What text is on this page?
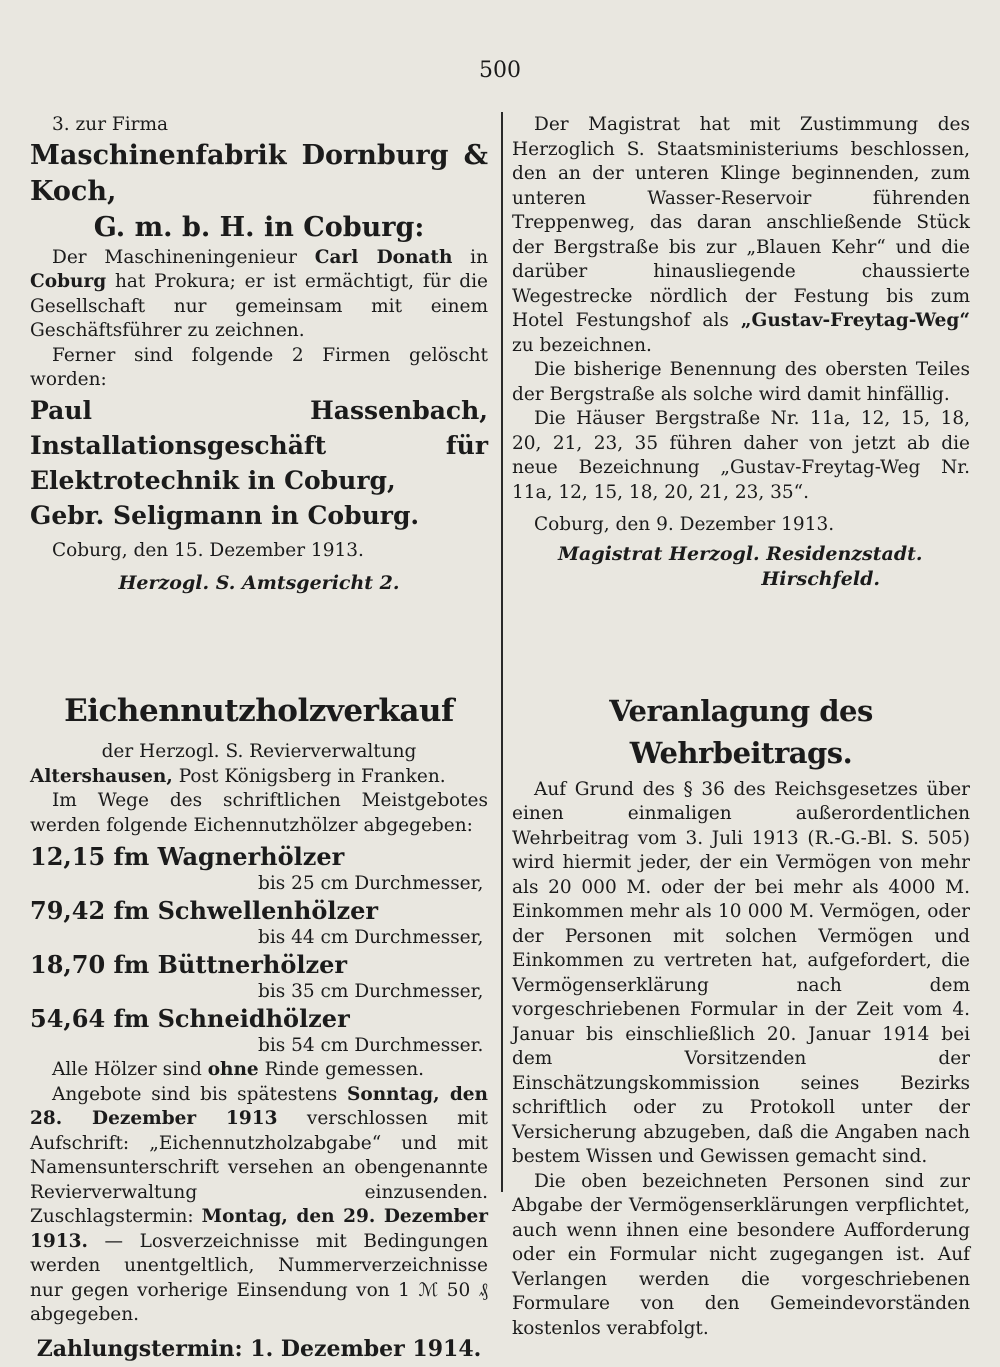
500

3. zur Firma

Maschinenfabrik Dornburg & Koch,

G. m. b. H. in Coburg:

Der Maschineningenieur Carl Donath in Coburg hat Prokura; er ist ermächtigt, für die Gesellschaft nur gemeinsam mit einem Geschäftsführer zu zeichnen.

Ferner sind folgende 2 Firmen gelöscht worden:

Paul Hassenbach, Installationsgeschäft für Elektrotechnik in Coburg,

Gebr. Seligmann in Coburg.

Coburg, den 15. Dezember 1913.

Herzogl. S. Amtsgericht 2.

Eichennutzholzverkauf

der Herzogl. S. Revierverwaltung

Altershausen, Post Königsberg in Franken.

Im Wege des schriftlichen Meistgebotes werden folgende Eichennutzhölzer abgegeben:

12,15 fm Wagnerhölzer
bis 25 cm Durchmesser,
79,42 fm Schwellenhölzer
bis 44 cm Durchmesser,
18,70 fm Büttnerhölzer
bis 35 cm Durchmesser,
54,64 fm Schneidhölzer
bis 54 cm Durchmesser.

Alle Hölzer sind ohne Rinde gemessen.

Angebote sind bis spätestens Sonntag, den 28. Dezember 1913 verschlossen mit Aufschrift: „Eichennutzholzabgabe“ und mit Namensunterschrift versehen an obengenannte Revierverwaltung einzusenden. Zuschlagstermin: Montag, den 29. Dezember 1913. — Losverzeichnisse mit Bedingungen werden unentgeltlich, Nummerverzeichnisse nur gegen vorherige Einsendung von 1 ℳ 50 ₰ abgegeben.

Zahlungstermin: 1. Dezember 1914.

Der Magistrat hat mit Zustimmung des Herzoglich S. Staatsministeriums beschlossen, den an der unteren Klinge beginnenden, zum unteren Wasser-Reservoir führenden Treppenweg, das daran anschließende Stück der Bergstraße bis zur „Blauen Kehr“ und die darüber hinausliegende chaussierte Wegestrecke nördlich der Festung bis zum Hotel Festungshof als „Gustav-Freytag-Weg“ zu bezeichnen.

Die bisherige Benennung des obersten Teiles der Bergstraße als solche wird damit hinfällig.

Die Häuser Bergstraße Nr. 11a, 12, 15, 18, 20, 21, 23, 35 führen daher von jetzt ab die neue Bezeichnung „Gustav-Freytag-Weg Nr. 11a, 12, 15, 18, 20, 21, 23, 35“.

Coburg, den 9. Dezember 1913.

Magistrat Herzogl. Residenzstadt.

Hirschfeld.

Veranlagung des Wehrbeitrags.

Auf Grund des § 36 des Reichsgesetzes über einen einmaligen außerordentlichen Wehrbeitrag vom 3. Juli 1913 (R.-G.-Bl. S. 505) wird hiermit jeder, der ein Vermögen von mehr als 20 000 M. oder der bei mehr als 4000 M. Einkommen mehr als 10 000 M. Vermögen, oder der Personen mit solchen Vermögen und Einkommen zu vertreten hat, aufgefordert, die Vermögenserklärung nach dem vorgeschriebenen Formular in der Zeit vom 4. Januar bis einschließlich 20. Januar 1914 bei dem Vorsitzenden der Einschätzungskommission seines Bezirks schriftlich oder zu Protokoll unter der Versicherung abzugeben, daß die Angaben nach bestem Wissen und Gewissen gemacht sind.

Die oben bezeichneten Personen sind zur Abgabe der Vermögenserklärungen verpflichtet, auch wenn ihnen eine besondere Aufforderung oder ein Formular nicht zugegangen ist. Auf Verlangen werden die vorgeschriebenen Formulare von den Gemeindevorständen kostenlos verabfolgt.
